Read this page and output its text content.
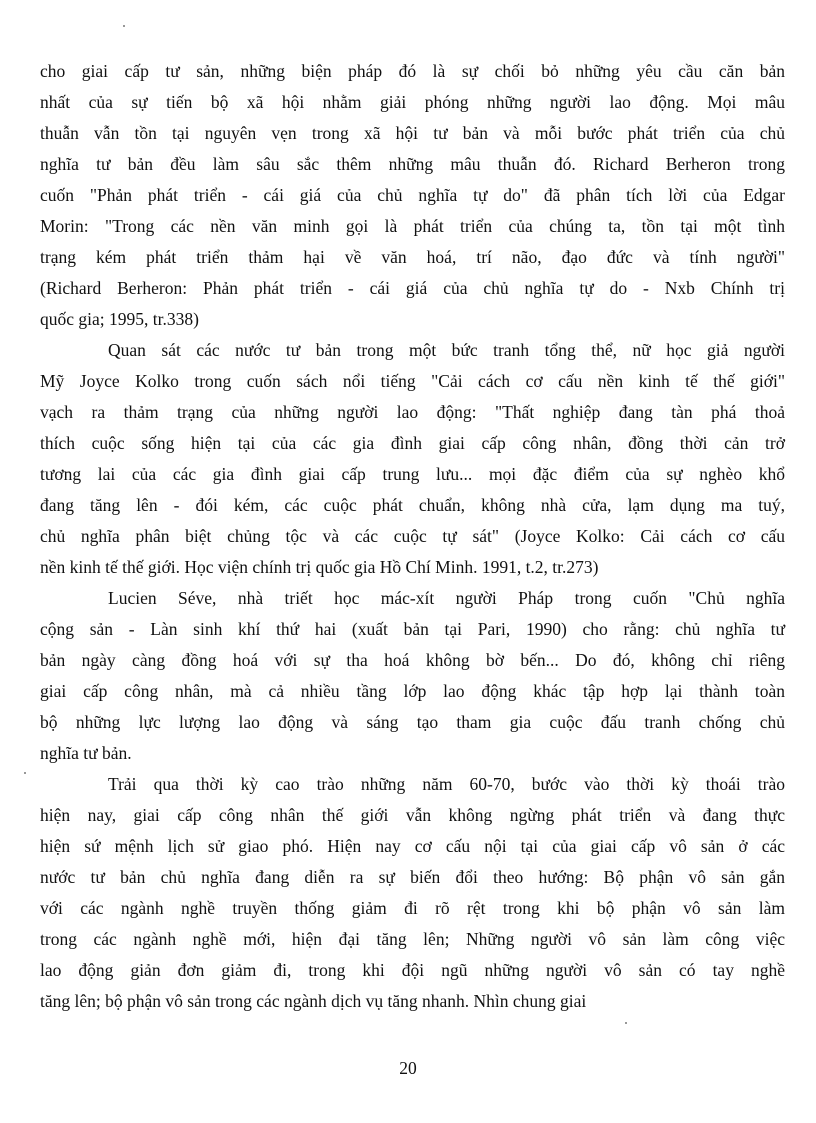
cho giai cấp tư sản, những biện pháp đó là sự chối bỏ những yêu cầu căn bản
nhất của sự tiến bộ xã hội nhằm giải phóng những người lao động. Mọi mâu
thuẫn vẫn tồn tại nguyên vẹn trong xã hội tư bản và mỗi bước phát triển của chủ
nghĩa tư bản đều làm sâu sắc thêm những mâu thuẫn đó. Richard Berheron trong
cuốn "Phản phát triển - cái giá của chủ nghĩa tự do" đã phân tích lời của Edgar
Morin: "Trong các nền văn minh gọi là phát triển của chúng ta, tồn tại một tình
trạng kém phát triển thảm hại về văn hoá, trí não, đạo đức và tính người"
(Richard Berheron: Phản phát triển - cái giá của chủ nghĩa tự do - Nxb Chính trị
quốc gia; 1995, tr.338)
Quan sát các nước tư bản trong một bức tranh tổng thể, nữ học giả người
Mỹ Joyce Kolko trong cuốn sách nổi tiếng "Cải cách cơ cấu nền kinh tế thế giới"
vạch ra thảm trạng của những người lao động: "Thất nghiệp đang tàn phá thoả
thích cuộc sống hiện tại của các gia đình giai cấp công nhân, đồng thời cản trở
tương lai của các gia đình giai cấp trung lưu... mọi đặc điểm của sự nghèo khổ
đang tăng lên - đói kém, các cuộc phát chuẩn, không nhà cửa, lạm dụng ma tuý,
chủ nghĩa phân biệt chủng tộc và các cuộc tự sát" (Joyce Kolko: Cải cách cơ cấu
nền kinh tế thế giới. Học viện chính trị quốc gia Hồ Chí Minh. 1991, t.2, tr.273)
Lucien Séve, nhà triết học mác-xít người Pháp trong cuốn "Chủ nghĩa
cộng sản - Làn sinh khí thứ hai (xuất bản tại Pari, 1990) cho rằng: chủ nghĩa tư
bản ngày càng đồng hoá với sự tha hoá không bờ bến... Do đó, không chỉ riêng
giai cấp công nhân, mà cả nhiều tầng lớp lao động khác tập hợp lại thành toàn
bộ những lực lượng lao động và sáng tạo tham gia cuộc đấu tranh chống chủ
nghĩa tư bản.
Trải qua thời kỳ cao trào những năm 60-70, bước vào thời kỳ thoái trào
hiện nay, giai cấp công nhân thế giới vẫn không ngừng phát triển và đang thực
hiện sứ mệnh lịch sử giao phó. Hiện nay cơ cấu nội tại của giai cấp vô sản ở các
nước tư bản chủ nghĩa đang diễn ra sự biến đổi theo hướng: Bộ phận vô sản gắn
với các ngành nghề truyền thống giảm đi rõ rệt trong khi bộ phận vô sản làm
trong các ngành nghề mới, hiện đại tăng lên; Những người vô sản làm công việc
lao động giản đơn giảm đi, trong khi đội ngũ những người vô sản có tay nghề
tăng lên; bộ phận vô sản trong các ngành dịch vụ tăng nhanh. Nhìn chung giai
20
